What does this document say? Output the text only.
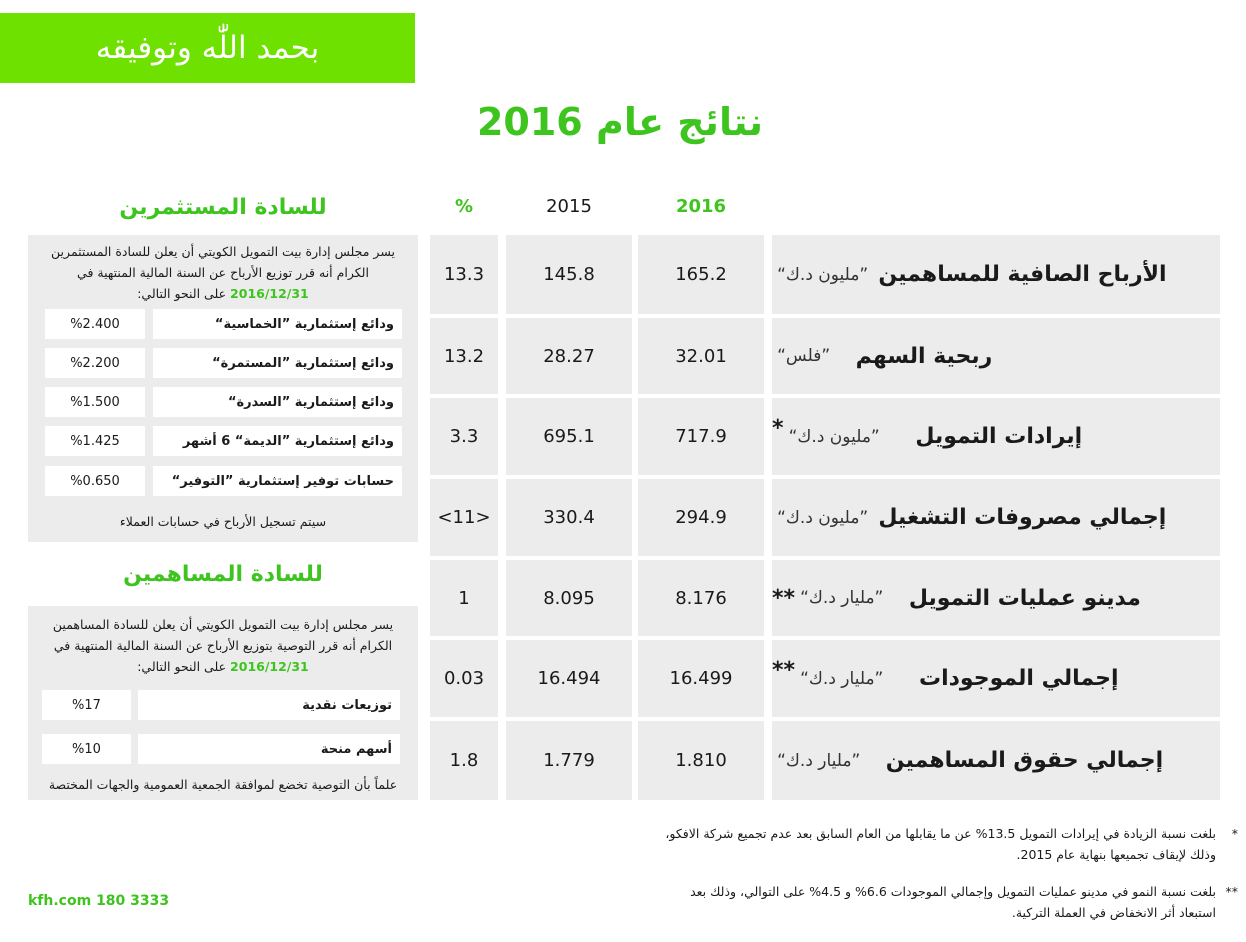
بحمد اللّٰه وتوفيقه
نتائج عام 2016
2016
2015
%
الأرباح الصافية للمساهمين

”مليون د.ك“

165.2
145.8
13.3
ربحية السهم

”فلس“

32.01
28.27
13.2
إيرادات التمويل

”مليون د.ك“

*
717.9
695.1
3.3
إجمالي مصروفات التشغيل

”مليون د.ك“

294.9
330.4
<11>
مدينو عمليات التمويل

”مليار د.ك“

**
8.176
8.095
1
إجمالي الموجودات

”مليار د.ك“

**
16.499
16.494
0.03
إجمالي حقوق المساهمين

”مليار د.ك“

1.810
1.779
1.8
للسادة المستثمرين
يسر مجلس إدارة بيت التمويل الكويتي أن يعلن للسادة المستثمرين الكرام أنه قرر توزيع الأرباح عن السنة المالية المنتهية في 2016/12/31 على النحو التالي:
ودائع إستثمارية ”الخماسية“
%2.400
ودائع إستثمارية ”المستمرة“
%2.200
ودائع إستثمارية ”السدرة“
%1.500
ودائع إستثمارية ”الديمة“ 6 أشهر
%1.425
حسابات توفير إستثمارية ”التوفير“
%0.650
سيتم تسجيل الأرباح في حسابات العملاء
للسادة المساهمين
يسر مجلس إدارة بيت التمويل الكويتي أن يعلن للسادة المساهمين الكرام أنه قرر التوصية بتوزيع الأرباح عن السنة المالية المنتهية في 2016/12/31 على النحو التالي:
توزيعات نقدية
%17
أسهم منحة
%10
علماً بأن التوصية تخضع لموافقة الجمعية العمومية والجهات المختصة
*
بلغت نسبة الزيادة في إيرادات التمويل 13.5% عن ما يقابلها من العام السابق بعد عدم تجميع شركة الافكو، وذلك لإيقاف تجميعها بنهاية عام 2015.
**
بلغت نسبة النمو في مدينو عمليات التمويل وإجمالي الموجودات 6.6% و 4.5% على التوالي، وذلك بعد استبعاد أثر الانخفاض في العملة التركية.
kfh.com 180 3333
